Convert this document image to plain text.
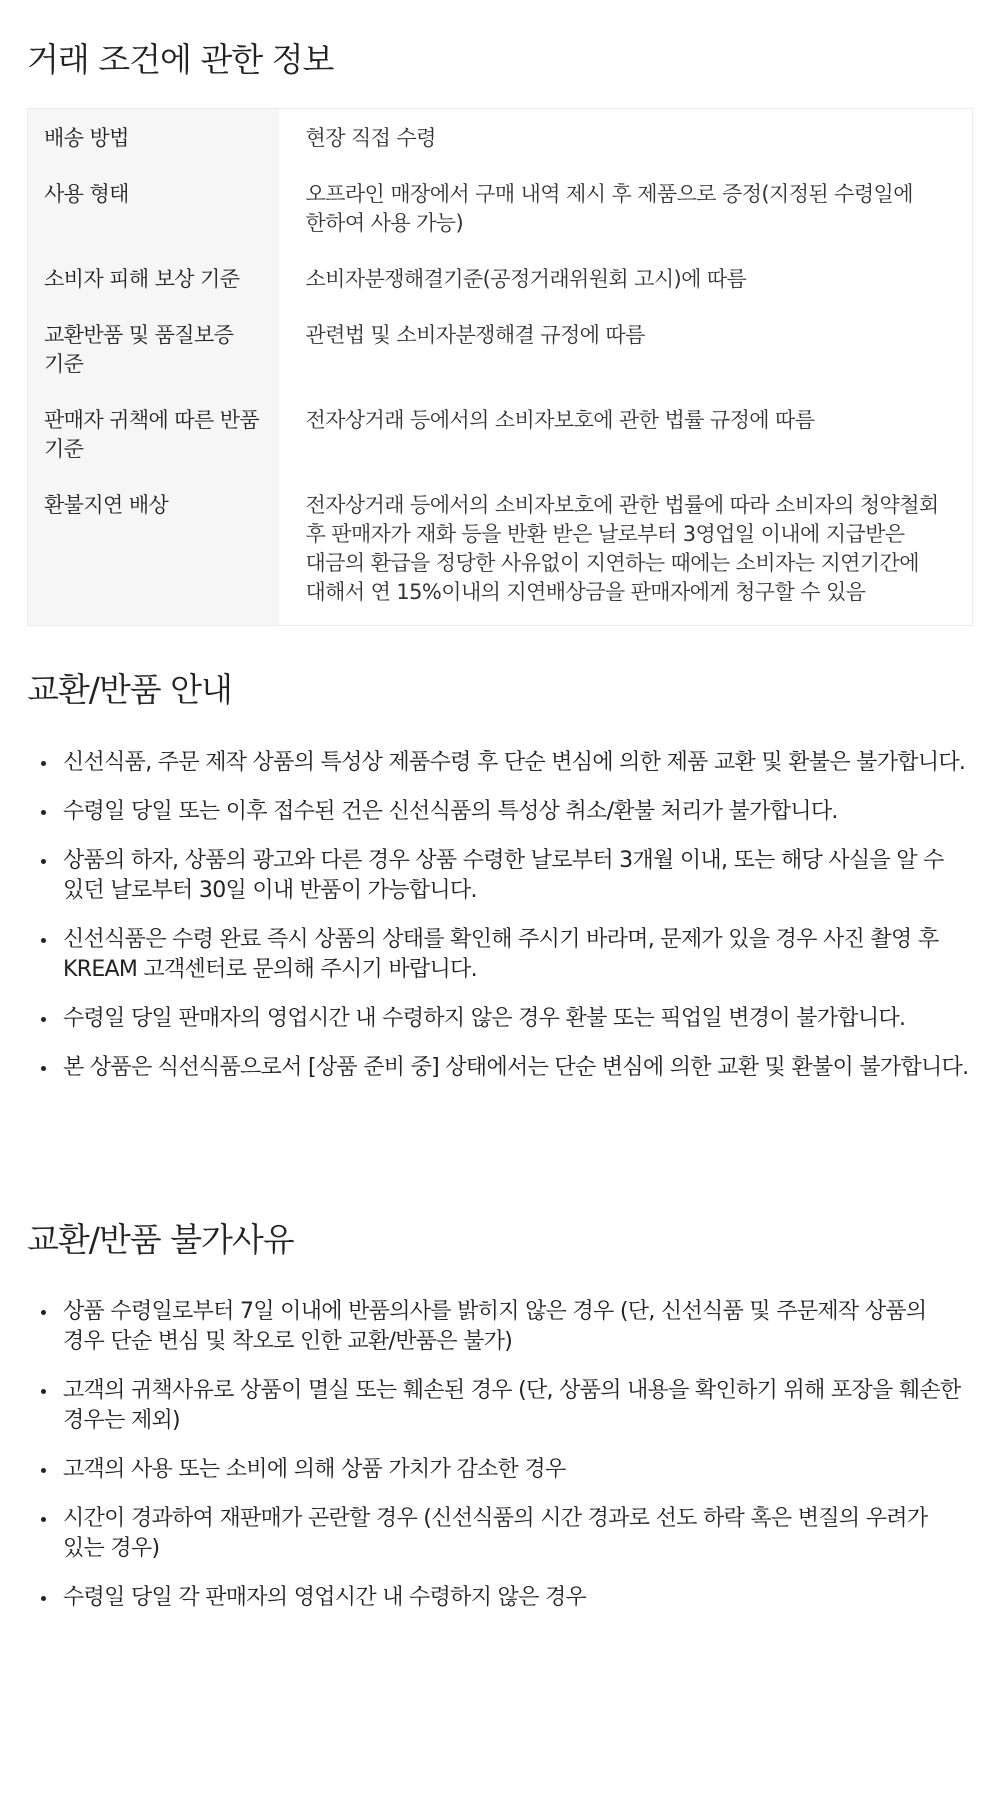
거래 조건에 관한 정보
배송 방법	현장 직접 수령
사용 형태	오프라인 매장에서 구매 내역 제시 후 제품으로 증정(지정된 수령일에 한하여 사용 가능)
소비자 피해 보상 기준	소비자분쟁해결기준(공정거래위원회 고시)에 따름
교환반품 및 품질보증 기준	관련법 및 소비자분쟁해결 규정에 따름
판매자 귀책에 따른 반품 기준	전자상거래 등에서의 소비자보호에 관한 법률 규정에 따름
환불지연 배상	전자상거래 등에서의 소비자보호에 관한 법률에 따라 소비자의 청약철회 후 판매자가 재화 등을 반환 받은 날로부터 3영업일 이내에 지급받은 대금의 환급을 정당한 사유없이 지연하는 때에는 소비자는 지연기간에 대해서 연 15%이내의 지연배상금을 판매자에게 청구할 수 있음
교환/반품 안내
신선식품, 주문 제작 상품의 특성상 제품수령 후 단순 변심에 의한 제품 교환 및 환불은 불가합니다.
수령일 당일 또는 이후 접수된 건은 신선식품의 특성상 취소/환불 처리가 불가합니다.
상품의 하자, 상품의 광고와 다른 경우 상품 수령한 날로부터 3개월 이내, 또는 해당 사실을 알 수 있던 날로부터 30일 이내 반품이 가능합니다.
신선식품은 수령 완료 즉시 상품의 상태를 확인해 주시기 바라며, 문제가 있을 경우 사진 촬영 후 KREAM 고객센터로 문의해 주시기 바랍니다.
수령일 당일 판매자의 영업시간 내 수령하지 않은 경우 환불 또는 픽업일 변경이 불가합니다.
본 상품은 식선식품으로서 [상품 준비 중] 상태에서는 단순 변심에 의한 교환 및 환불이 불가합니다.
교환/반품 불가사유
상품 수령일로부터 7일 이내에 반품의사를 밝히지 않은 경우 (단, 신선식품 및 주문제작 상품의 경우 단순 변심 및 착오로 인한 교환/반품은 불가)
고객의 귀책사유로 상품이 멸실 또는 훼손된 경우 (단, 상품의 내용을 확인하기 위해 포장을 훼손한 경우는 제외)
고객의 사용 또는 소비에 의해 상품 가치가 감소한 경우
시간이 경과하여 재판매가 곤란할 경우 (신선식품의 시간 경과로 선도 하락 혹은 변질의 우려가 있는 경우)
수령일 당일 각 판매자의 영업시간 내 수령하지 않은 경우
